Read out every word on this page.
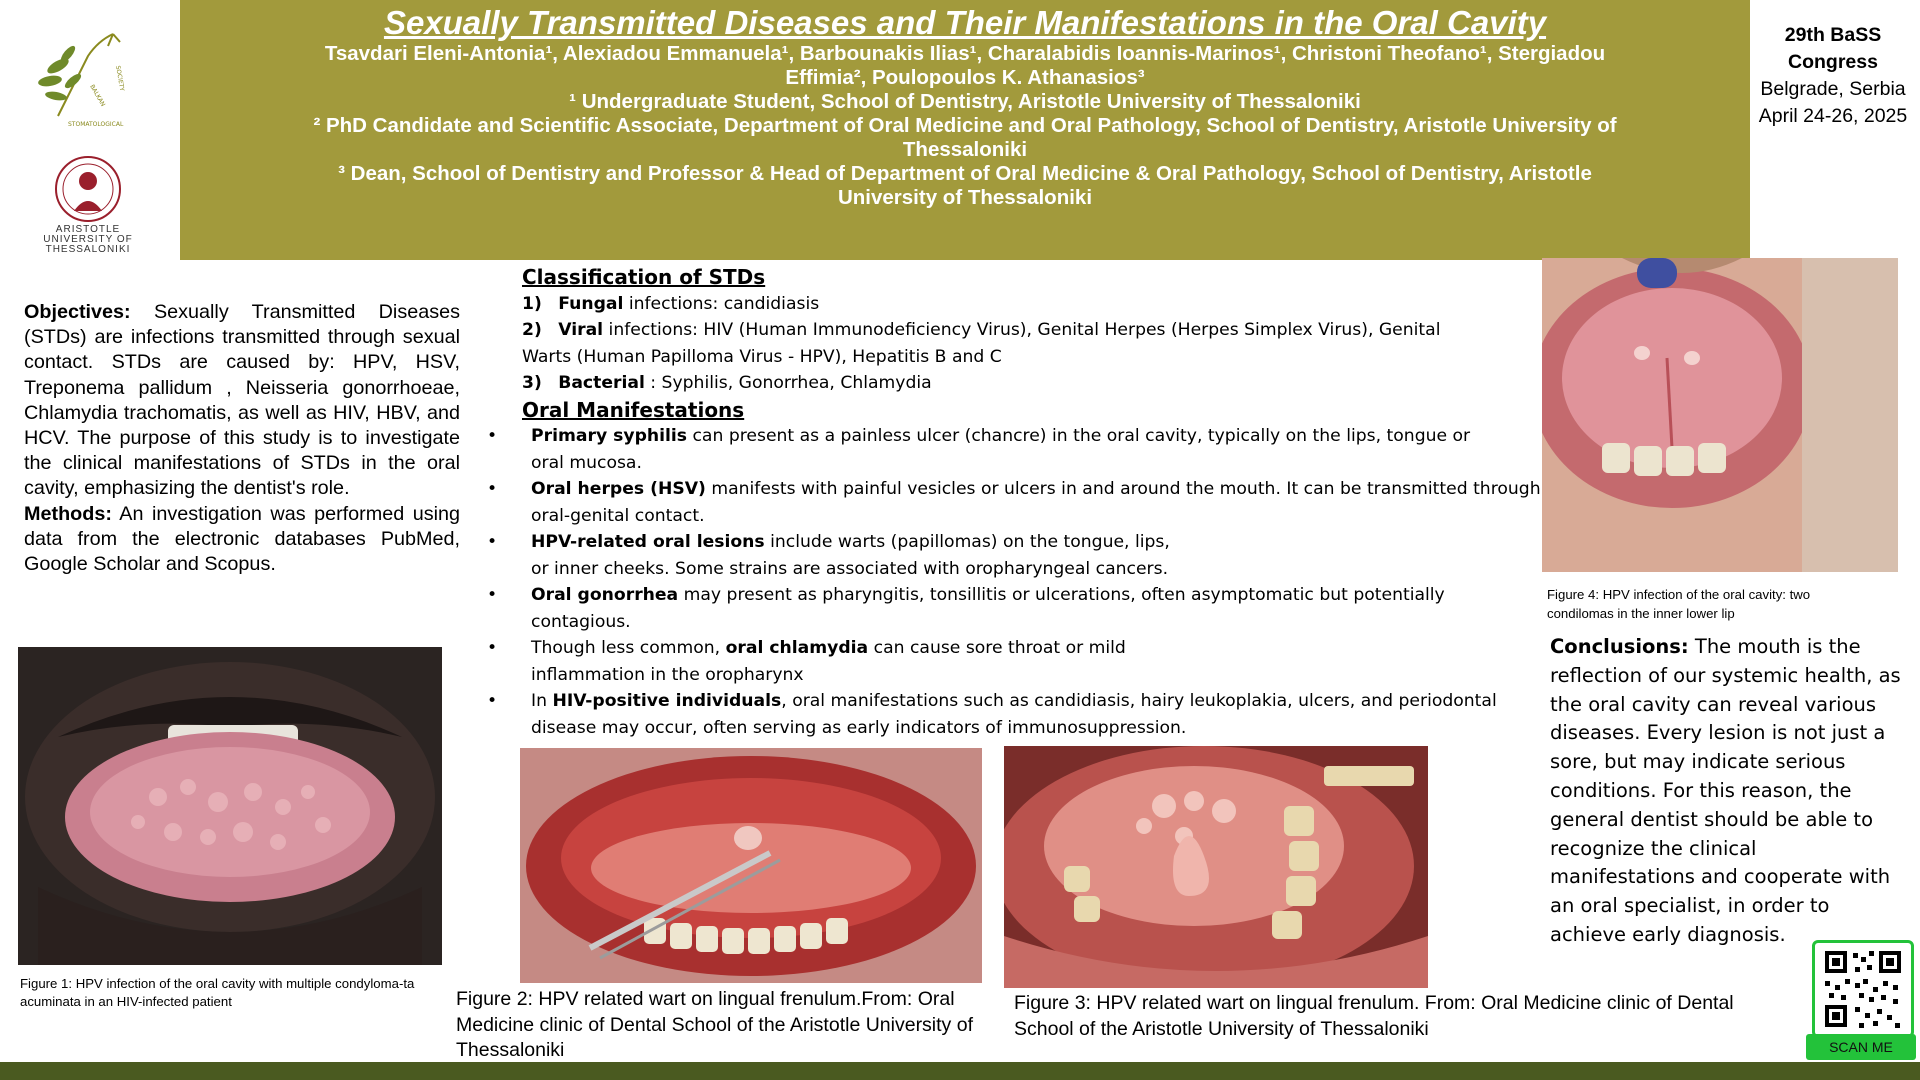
Sexually Transmitted Diseases and Their Manifestations in the Oral Cavity
Tsavdari Eleni-Antonia¹, Alexiadou Emmanuela¹, Barbounakis Ilias¹, Charalabidis Ioannis-Marinos¹, Christoni Theofano¹, Stergiadou
Effimia², Poulopoulos K. Athanasios³
¹ Undergraduate Student, School of Dentistry, Aristotle University of Thessaloniki
² PhD Candidate and Scientific Associate, Department of Oral Medicine and Oral Pathology, School of Dentistry, Aristotle University of
Thessaloniki
³ Dean, School of Dentistry and Professor & Head of Department of Oral Medicine & Oral Pathology, School of Dentistry, Aristotle
University of Thessaloniki
BALKAN
SOCIETY
STOMATOLOGICAL
ARISTOTLE
UNIVERSITY OF
THESSALONIKI
29th BaSS
Congress
Belgrade, Serbia
April 24-26, 2025

Objectives: Sexually Transmitted Diseases (STDs) are infections transmitted through sexual contact. STDs are caused by: HPV, HSV, Treponema pallidum , Neisseria gonorrhoeae, Chlamydia trachomatis, as well as HIV, HBV, and HCV. The purpose of this study is to investigate the clinical manifestations of STDs in the oral cavity, emphasizing the dentist's role.

Methods: An investigation was performed using data from the electronic databases PubMed, Google Scholar and Scopus.

Classification of STDs
1) Fungal infections: candidiasis
2) Viral infections: HIV (Human Immunodeficiency Virus), Genital Herpes (Herpes Simplex Virus), Genital
Warts (Human Papilloma Virus - HPV), Hepatitis B and C
3) Bacterial : Syphilis, Gonorrhea, Chlamydia
Oral Manifestations
• Primary syphilis can present as a painless ulcer (chancre) in the oral cavity, typically on the lips, tongue or
oral mucosa.
• Oral herpes (HSV) manifests with painful vesicles or ulcers in and around the mouth. It can be transmitted through
oral-genital contact.
• HPV-related oral lesions include warts (papillomas) on the tongue, lips,
or inner cheeks. Some strains are associated with oropharyngeal cancers.
• Oral gonorrhea may present as pharyngitis, tonsillitis or ulcerations, often asymptomatic but potentially
contagious.
• Though less common, oral chlamydia can cause sore throat or mild
inflammation in the oropharynx
• In HIV-positive individuals, oral manifestations such as candidiasis, hairy leukoplakia, ulcers, and periodontal
disease may occur, often serving as early indicators of immunosuppression.
Figure 1: HPV infection of the oral cavity with multiple condyloma-ta acuminata in an HIV-infected patient	Figure 2: HPV related wart on lingual frenulum.From: Oral Medicine clinic of Dental School of the Aristotle University of Thessaloniki
Figure 3: HPV related wart on lingual frenulum. From: Oral Medicine clinic of Dental School of the Aristotle University of Thessaloniki
Figure 4: HPV infection of the oral cavity: two condilomas in the inner lower lip
Conclusions: The mouth is the reflection of our systemic health, as the oral cavity can reveal various diseases. Every lesion is not just a sore, but may indicate serious conditions. For this reason, the general dentist should be able to recognize the clinical manifestations and cooperate with an oral specialist, in order to achieve early diagnosis.
SCAN ME
